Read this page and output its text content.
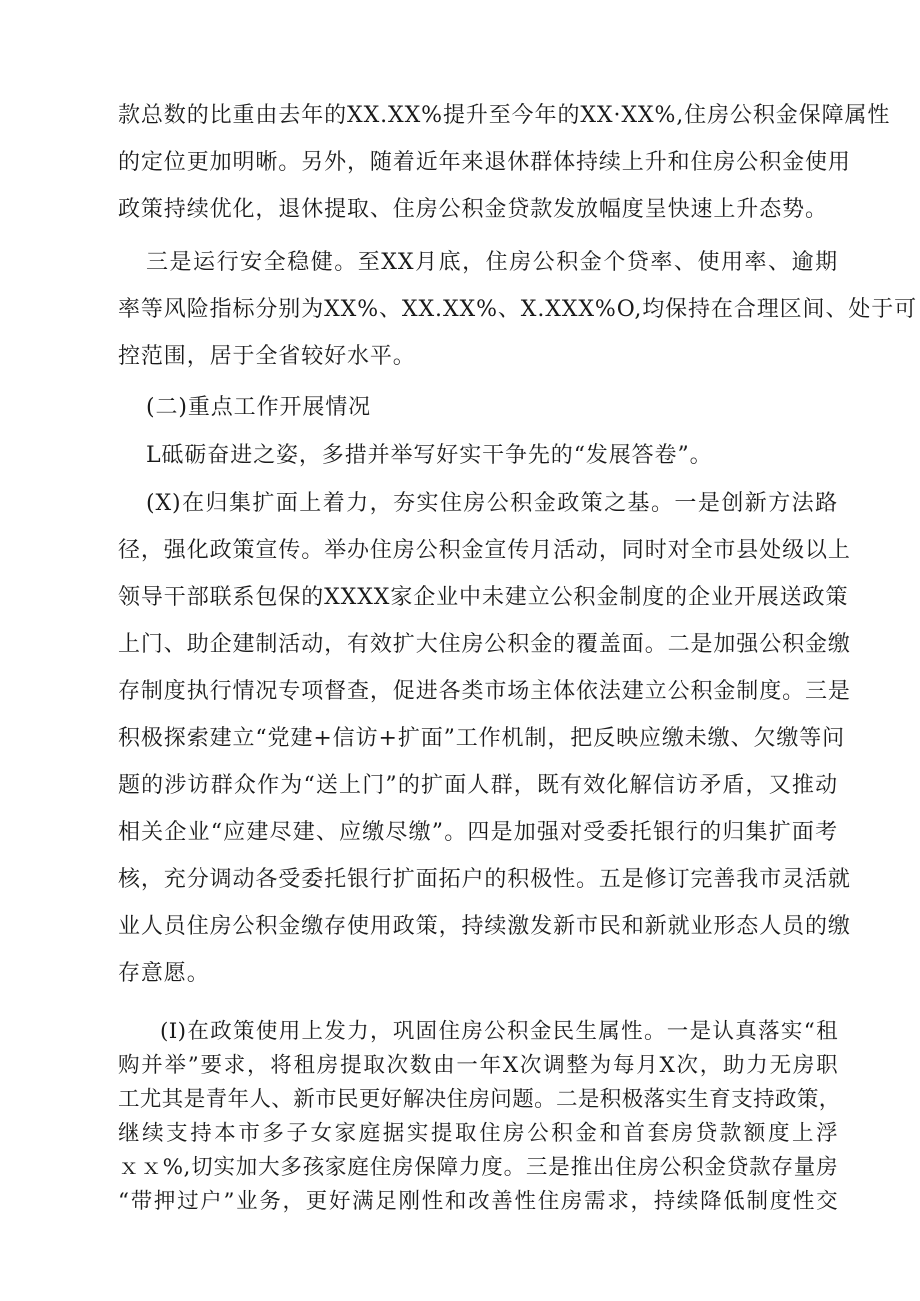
款总数的比重由去年的XX.XX%提升至今年的XX·XX%,住房公积金保障属性
的定位更加明晰。另外，随着近年来退休群体持续上升和住房公积金使用
政策持续优化，退休提取、住房公积金贷款发放幅度呈快速上升态势。
三是运行安全稳健。至XX月底，住房公积金个贷率、使用率、逾期
率等风险指标分别为XX%、XX.XX%、X.XXX%O,均保持在合理区间、处于可
控范围，居于全省较好水平。
(二)重点工作开展情况
L砥砺奋进之姿，多措并举写好实干争先的“发展答卷”。
(X)在归集扩面上着力，夯实住房公积金政策之基。一是创新方法路
径，强化政策宣传。举办住房公积金宣传月活动，同时对全市县处级以上
领导干部联系包保的XXXX家企业中未建立公积金制度的企业开展送政策
上门、助企建制活动，有效扩大住房公积金的覆盖面。二是加强公积金缴
存制度执行情况专项督查，促进各类市场主体依法建立公积金制度。三是
积极探索建立“党建+信访+扩面”工作机制，把反映应缴未缴、欠缴等问
题的涉访群众作为“送上门”的扩面人群，既有效化解信访矛盾，又推动
相关企业“应建尽建、应缴尽缴”。四是加强对受委托银行的归集扩面考
核，充分调动各受委托银行扩面拓户的积极性。五是修订完善我市灵活就
业人员住房公积金缴存使用政策，持续激发新市民和新就业形态人员的缴
存意愿。
(I)在政策使用上发力，巩固住房公积金民生属性。一是认真落实“租
购并举”要求，将租房提取次数由一年X次调整为每月X次，助力无房职
工尤其是青年人、新市民更好解决住房问题。二是积极落实生育支持政策，
继续支持本市多子女家庭据实提取住房公积金和首套房贷款额度上浮
ｘｘ%,切实加大多孩家庭住房保障力度。三是推出住房公积金贷款存量房
“带押过户”业务，更好满足刚性和改善性住房需求，持续降低制度性交
